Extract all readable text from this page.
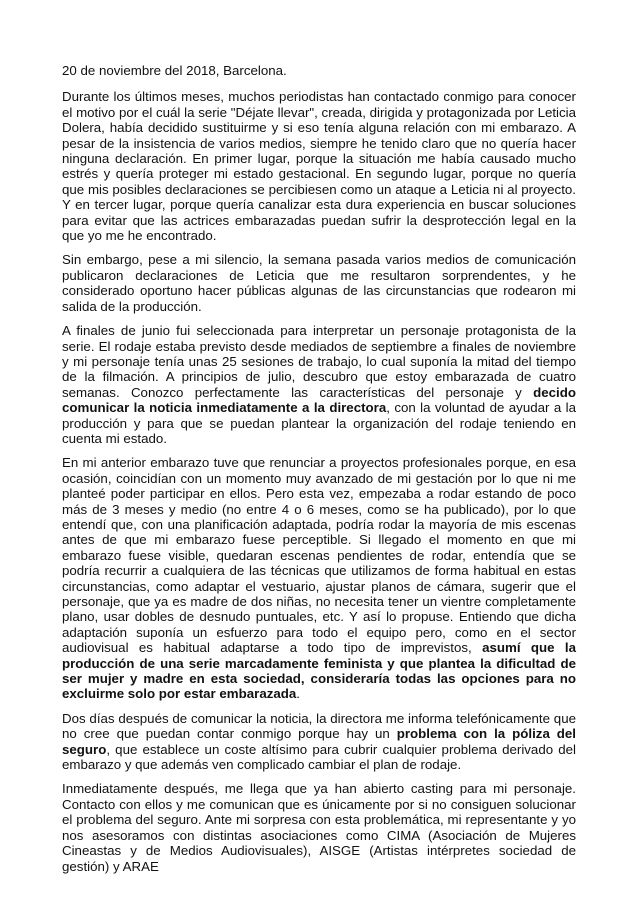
20 de noviembre del 2018, Barcelona.

Durante los últimos meses, muchos periodistas han contactado conmigo para conocer el motivo por el cuál la serie "Déjate llevar", creada, dirigida y protagonizada por Leticia Dolera, había decidido sustituirme y si eso tenía alguna relación con mi embarazo. A pesar de la insistencia de varios medios, siempre he tenido claro que no quería hacer ninguna declaración. En primer lugar, porque la situación me había causado mucho estrés y quería proteger mi estado gestacional. En segundo lugar, porque no quería que mis posibles declaraciones se percibiesen como un ataque a Leticia ni al proyecto. Y en tercer lugar, porque quería canalizar esta dura experiencia en buscar soluciones para evitar que las actrices embarazadas puedan sufrir la desprotección legal en la que yo me he encontrado.

Sin embargo, pese a mi silencio, la semana pasada varios medios de comunicación publicaron declaraciones de Leticia que me resultaron sorprendentes, y he considerado oportuno hacer públicas algunas de las circunstancias que rodearon mi salida de la producción.

A finales de junio fui seleccionada para interpretar un personaje protagonista de la serie. El rodaje estaba previsto desde mediados de septiembre a finales de noviembre y mi personaje tenía unas 25 sesiones de trabajo, lo cual suponía la mitad del tiempo de la filmación. A principios de julio, descubro que estoy embarazada de cuatro semanas. Conozco perfectamente las características del personaje y decido comunicar la noticia inmediatamente a la directora, con la voluntad de ayudar a la producción y para que se puedan plantear la organización del rodaje teniendo en cuenta mi estado.

En mi anterior embarazo tuve que renunciar a proyectos profesionales porque, en esa ocasión, coincidían con un momento muy avanzado de mi gestación por lo que ni me planteé poder participar en ellos. Pero esta vez, empezaba a rodar estando de poco más de 3 meses y medio (no entre 4 o 6 meses, como se ha publicado), por lo que entendí que, con una planificación adaptada, podría rodar la mayoría de mis escenas antes de que mi embarazo fuese perceptible. Si llegado el momento en que mi embarazo fuese visible, quedaran escenas pendientes de rodar, entendía que se podría recurrir a cualquiera de las técnicas que utilizamos de forma habitual en estas circunstancias, como adaptar el vestuario, ajustar planos de cámara, sugerir que el personaje, que ya es madre de dos niñas, no necesita tener un vientre completamente plano, usar dobles de desnudo puntuales, etc. Y así lo propuse. Entiendo que dicha adaptación suponía un esfuerzo para todo el equipo pero, como en el sector audiovisual es habitual adaptarse a todo tipo de imprevistos, asumí que la producción de una serie marcadamente feminista y que plantea la dificultad de ser mujer y madre en esta sociedad, consideraría todas las opciones para no excluirme solo por estar embarazada.

Dos días después de comunicar la noticia, la directora me informa telefónicamente que no cree que puedan contar conmigo porque hay un problema con la póliza del seguro, que establece un coste altísimo para cubrir cualquier problema derivado del embarazo y que además ven complicado cambiar el plan de rodaje.

Inmediatamente después, me llega que ya han abierto casting para mi personaje. Contacto con ellos y me comunican que es únicamente por si no consiguen solucionar el problema del seguro. Ante mi sorpresa con esta problemática, mi representante y yo nos asesoramos con distintas asociaciones como CIMA (Asociación de Mujeres Cineastas y de Medios Audiovisuales), AISGE (Artistas intérpretes sociedad de gestión) y ARAE
